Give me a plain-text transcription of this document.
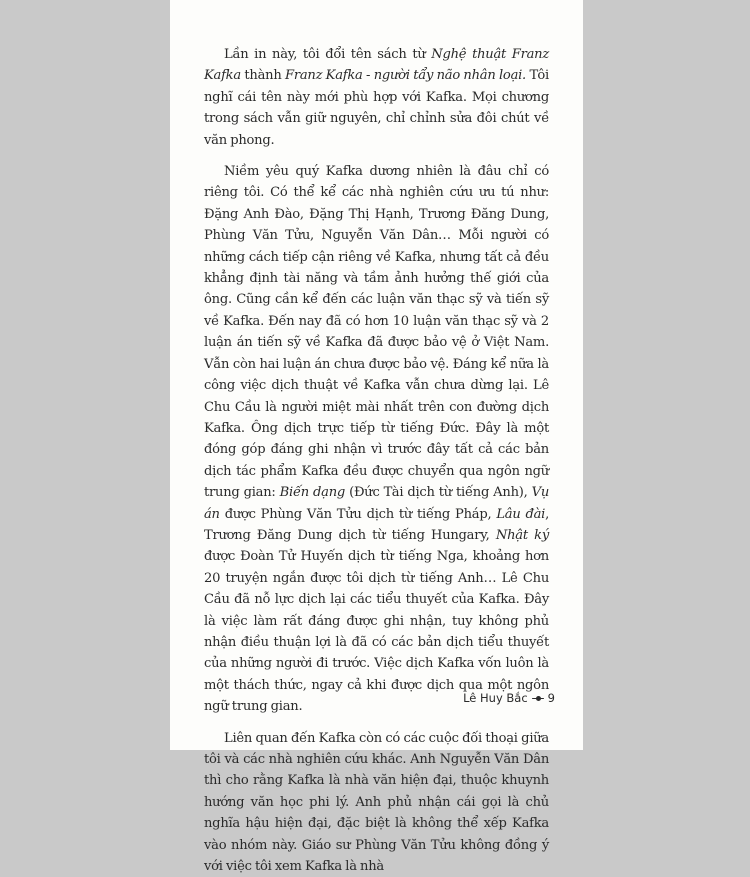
Lần in này, tôi đổi tên sách từ Nghệ thuật Franz Kafka thành Franz Kafka - người tẩy não nhân loại. Tôi nghĩ cái tên này mới phù hợp với Kafka. Mọi chương trong sách vẫn giữ nguyên, chỉ chỉnh sửa đôi chút về văn phong.

Niềm yêu quý Kafka dương nhiên là đâu chỉ có riêng tôi. Có thể kể các nhà nghiên cứu ưu tú như: Đặng Anh Đào, Đặng Thị Hạnh, Trương Đăng Dung, Phùng Văn Tửu, Nguyễn Văn Dân… Mỗi người có những cách tiếp cận riêng về Kafka, nhưng tất cả đều khẳng định tài năng và tầm ảnh hưởng thế giới của ông. Cũng cần kể đến các luận văn thạc sỹ và tiến sỹ về Kafka. Đến nay đã có hơn 10 luận văn thạc sỹ và 2 luận án tiến sỹ về Kafka đã được bảo vệ ở Việt Nam. Vẫn còn hai luận án chưa được bảo vệ. Đáng kể nữa là công việc dịch thuật về Kafka vẫn chưa dừng lại. Lê Chu Cầu là người miệt mài nhất trên con đường dịch Kafka. Ông dịch trực tiếp từ tiếng Đức. Đây là một đóng góp đáng ghi nhận vì trước đây tất cả các bản dịch tác phẩm Kafka đều được chuyển qua ngôn ngữ trung gian: Biến dạng (Đức Tài dịch từ tiếng Anh), Vụ án được Phùng Văn Tửu dịch từ tiếng Pháp, Lâu đài, Trương Đăng Dung dịch từ tiếng Hungary, Nhật ký được Đoàn Tử Huyến dịch từ tiếng Nga, khoảng hơn 20 truyện ngắn được tôi dịch từ tiếng Anh… Lê Chu Cầu đã nỗ lực dịch lại các tiểu thuyết của Kafka. Đây là việc làm rất đáng được ghi nhận, tuy không phủ nhận điều thuận lợi là đã có các bản dịch tiểu thuyết của những người đi trước. Việc dịch Kafka vốn luôn là một thách thức, ngay cả khi được dịch qua một ngôn ngữ trung gian.

Liên quan đến Kafka còn có các cuộc đối thoại giữa tôi và các nhà nghiên cứu khác. Anh Nguyễn Văn Dân thì cho rằng Kafka là nhà văn hiện đại, thuộc khuynh hướng văn học phi lý. Anh phủ nhận cái gọi là chủ nghĩa hậu hiện đại, đặc biệt là không thể xếp Kafka vào nhóm này. Giáo sư Phùng Văn Tửu không đồng ý với việc tôi xem Kafka là nhà

Lê Huy Bắc 9
